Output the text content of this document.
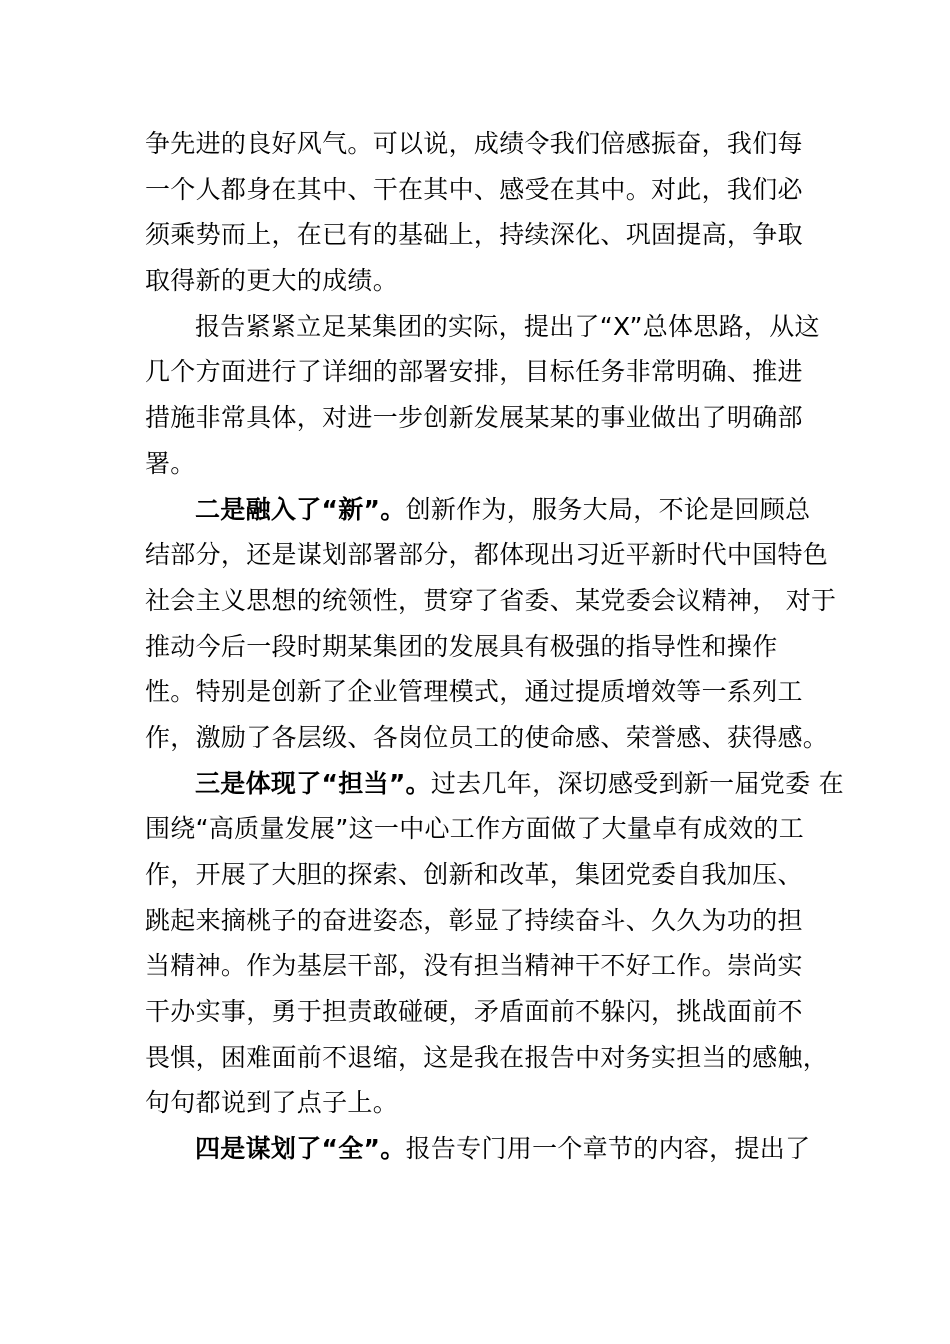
争先进的良好风气。可以说，成绩令我们倍感振奋，我们每
一个人都身在其中、干在其中、感受在其中。对此，我们必
须乘势而上，在已有的基础上，持续深化、巩固提高，争取
取得新的更大的成绩。
报告紧紧立足某集团的实际，提出了“X”总体思路，从这
几个方面进行了详细的部署安排，目标任务非常明确、推进
措施非常具体，对进一步创新发展某某的事业做出了明确部
署。
二是融入了“新”。创新作为，服务大局，不论是回顾总
结部分，还是谋划部署部分，都体现出习近平新时代中国特色
社会主义思想的统领性，贯穿了省委、某党委会议精神， 对于
推动今后一段时期某集团的发展具有极强的指导性和操作
性。特别是创新了企业管理模式，通过提质增效等一系列工
作，激励了各层级、各岗位员工的使命感、荣誉感、获得感。
三是体现了“担当”。过去几年，深切感受到新一届党委 在
围绕“高质量发展”这一中心工作方面做了大量卓有成效的工
作，开展了大胆的探索、创新和改革，集团党委自我加压、
跳起来摘桃子的奋进姿态，彰显了持续奋斗、久久为功的担
当精神。作为基层干部，没有担当精神干不好工作。崇尚实
干办实事，勇于担责敢碰硬，矛盾面前不躲闪，挑战面前不
畏惧，困难面前不退缩，这是我在报告中对务实担当的感触，
句句都说到了点子上。
四是谋划了“全”。报告专门用一个章节的内容，提出了
